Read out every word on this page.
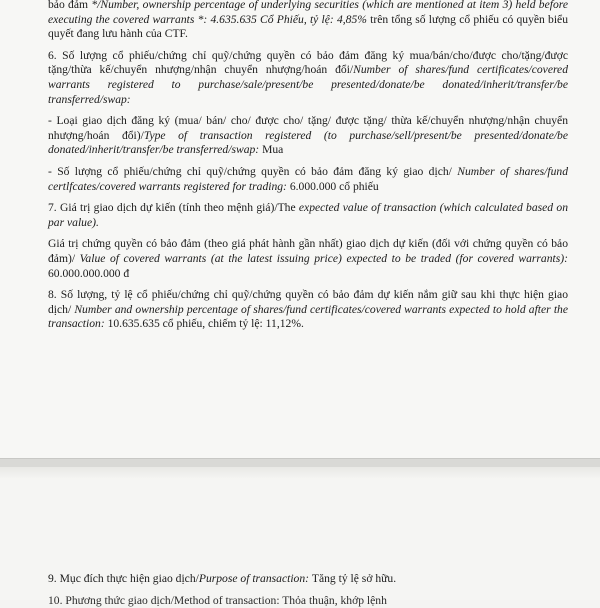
bảo đảm */Number, ownership percentage of underlying securities (which are mentioned at item 3) held before executing the covered warrants *: 4.635.635 Cổ Phiếu, tỷ lệ: 4,85% trên tổng số lượng cổ phiếu có quyền biểu quyết đang lưu hành của CTF.

6. Số lượng cổ phiếu/chứng chỉ quỹ/chứng quyền có bảo đảm đăng ký mua/bán/cho/được cho/tặng/được tặng/thừa kế/chuyển nhượng/nhận chuyển nhượng/hoán đổi/Number of shares/fund certificates/covered warrants registered to purchase/sale/present/be presented/donate/be donated/inherit/transfer/be transferred/swap:

- Loại giao dịch đăng ký (mua/ bán/ cho/ được cho/ tặng/ được tặng/ thừa kế/chuyển nhượng/nhận chuyển nhượng/hoán đổi)/Type of transaction registered (to purchase/sell/present/be presented/donate/be donated/inherit/transfer/be transferred/swap: Mua

- Số lượng cổ phiếu/chứng chỉ quỹ/chứng quyền có bảo đảm đăng ký giao dịch/ Number of shares/fund certlfcates/covered warrants registered for trading: 6.000.000 cổ phiếu

7. Giá trị giao dịch dự kiến (tính theo mệnh giá)/The expected value of transaction (which calculated based on par value).

Giá trị chứng quyền có bảo đảm (theo giá phát hành gần nhất) giao dịch dự kiến (đối với chứng quyền có bảo đảm)/ Value of covered warrants (at the latest issuing price) expected to be traded (for covered warrants): 60.000.000.000 đ

8. Số lượng, tỷ lệ cổ phiếu/chứng chỉ quỹ/chứng quyền có bảo đảm dự kiến nắm giữ sau khi thực hiện giao dịch/ Number and ownership percentage of shares/fund certificates/covered warrants expected to hold after the transaction: 10.635.635 cổ phiếu, chiếm tỷ lệ: 11,12%.

9. Mục đích thực hiện giao dịch/Purpose of transaction: Tăng tỷ lệ sở hữu.

10. Phương thức giao dịch/Method of transaction: Thỏa thuận, khớp lệnh
